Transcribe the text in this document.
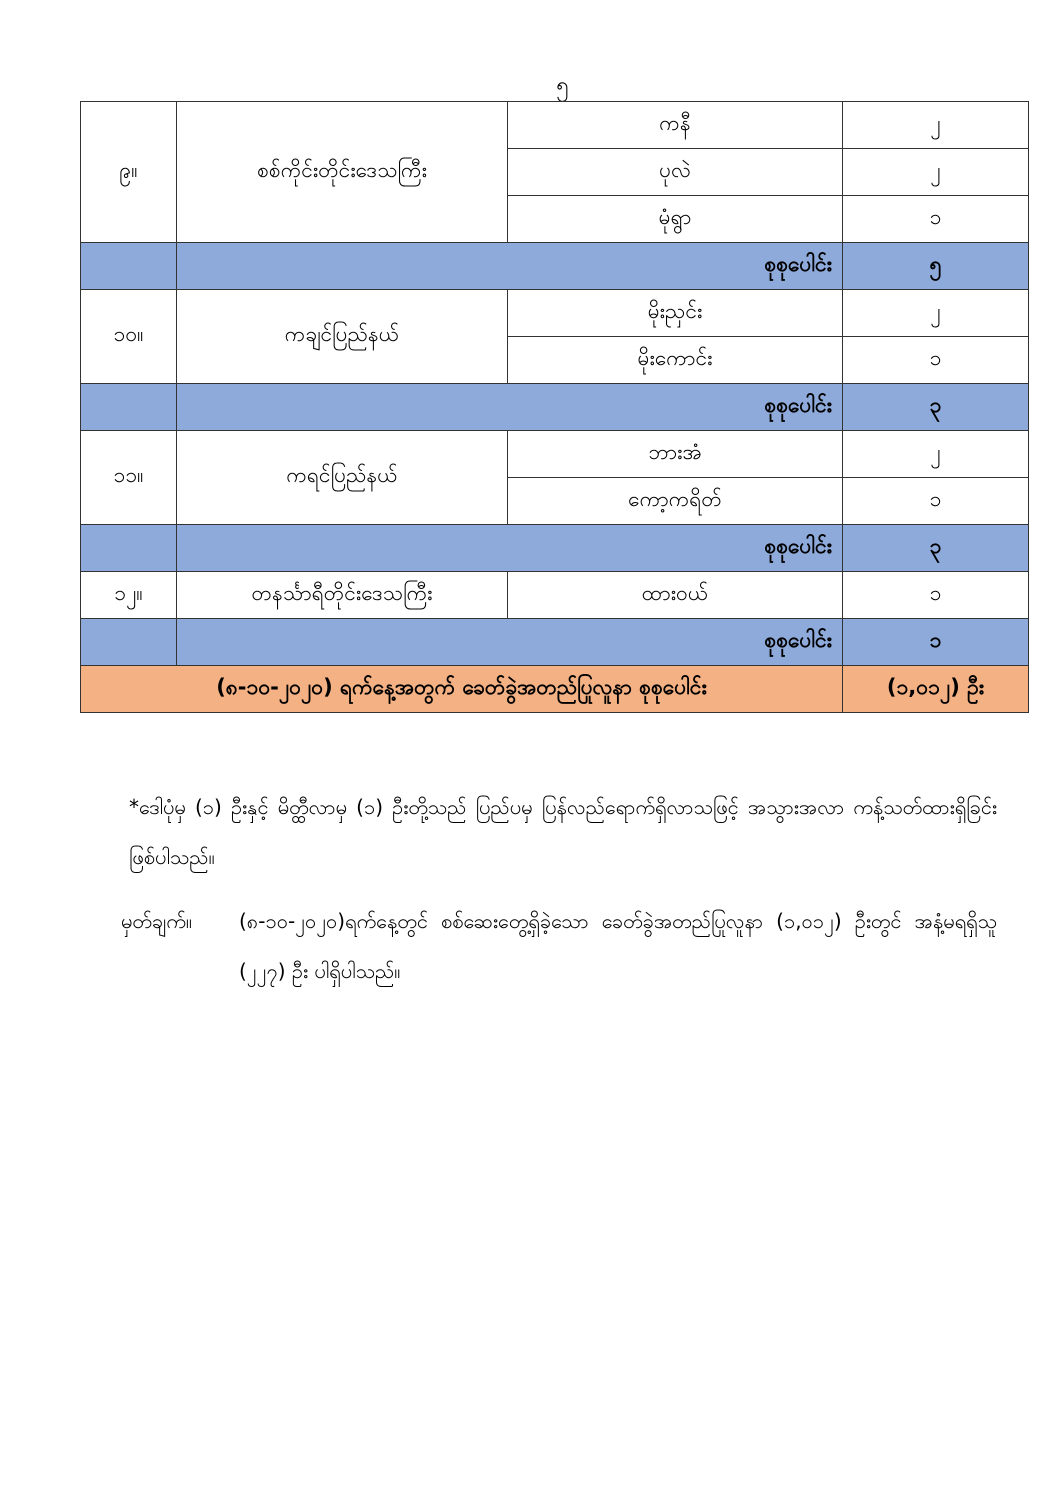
၅
၉။	စစ်ကိုင်းတိုင်းဒေသကြီး	ကနီ	၂
		ပုလဲ	၂
		မုံရွာ	၁
	စုစုပေါင်း		၅
၁၀။	ကချင်ပြည်နယ်	မိုးညှင်း	၂
		မိုးကောင်း	၁
	စုစုပေါင်း		၃
၁၁။	ကရင်ပြည်နယ်	ဘားအံ	၂
		ကော့ကရိတ်	၁
	စုစုပေါင်း		၃
၁၂။	တနင်္သာရီတိုင်းဒေသကြီး	ထားဝယ်	၁
	စုစုပေါင်း		၁
(၈-၁၀-၂၀၂၀) ရက်နေ့အတွက် ခေတ်ခွဲအတည်ပြုလူနာ စုစုပေါင်း			(၁,၀၁၂) ဦး
*ဒေါပုံမှ (၁) ဦးနှင့် မိတ္ထီလာမှ (၁) ဦးတို့သည် ပြည်ပမှ ပြန်လည်ရောက်ရှိလာသဖြင့် အသွားအလာ ကန့်သတ်ထားရှိခြင်းဖြစ်ပါသည်။
မှတ်ချက်။ (၈-၁၀-၂၀၂၀)ရက်နေ့တွင် စစ်ဆေးတွေ့ရှိခဲ့သော ခေတ်ခွဲအတည်ပြုလူနာ (၁,၀၁၂) ဦးတွင် အနံ့မရရှိသူ (၂၂၇) ဦး ပါရှိပါသည်။
